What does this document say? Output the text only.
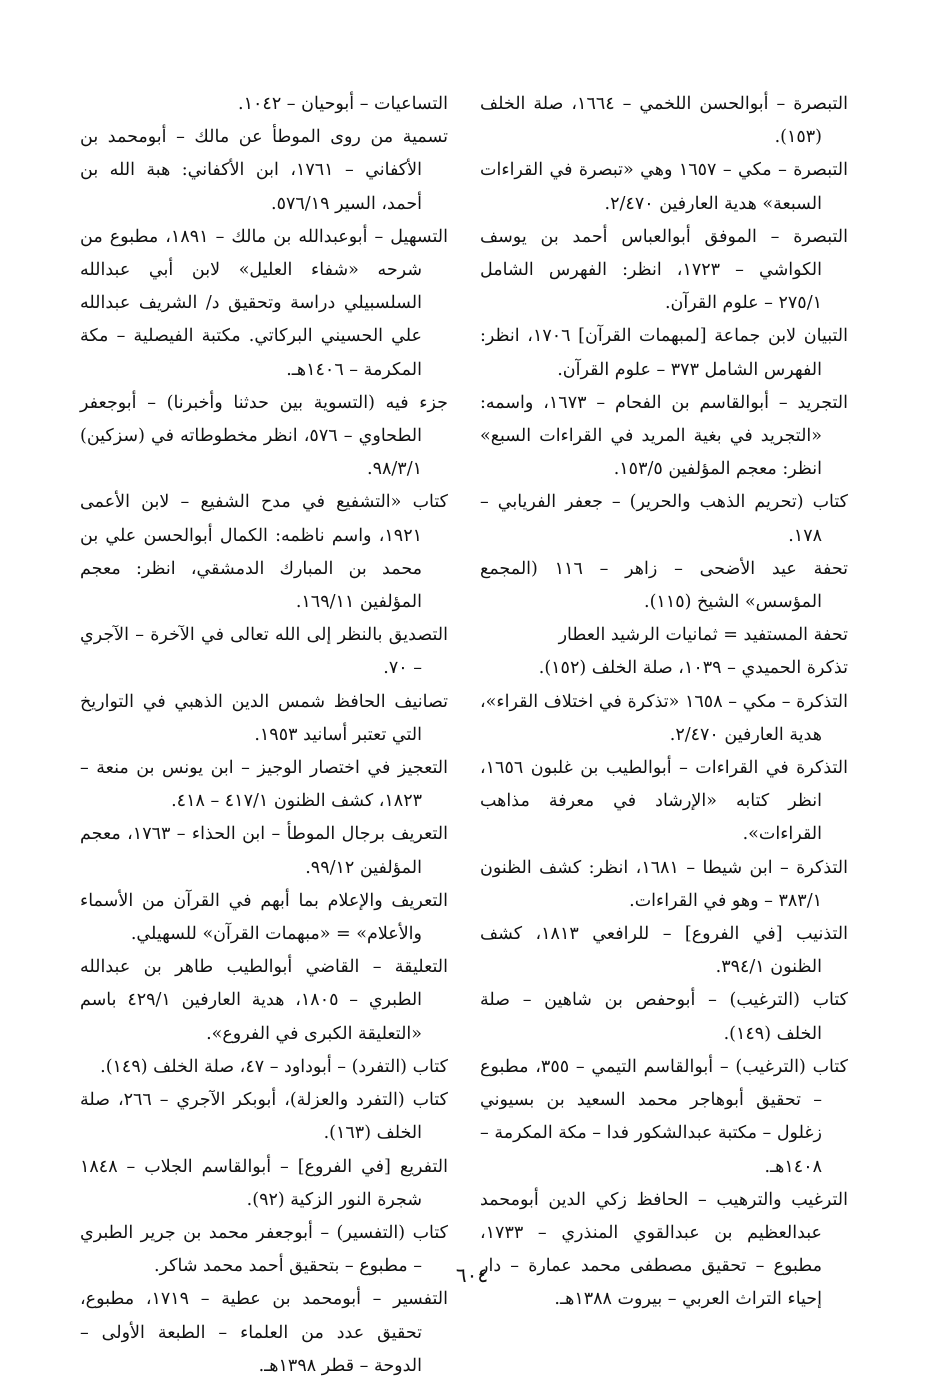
التبصرة – أبوالحسن اللخمي – ١٦٦٤، صلة الخلف (١٥٣).

التبصرة – مكي – ١٦٥٧ وهي «تبصرة في القراءات السبعة» هدية العارفين ٢/٤٧٠.

التبصرة – الموفق أبوالعباس أحمد بن يوسف الكواشي – ١٧٢٣، انظر: الفهرس الشامل ٢٧٥/١ – علوم القرآن.

التبيان لابن جماعة [لمبهمات القرآن] ١٧٠٦، انظر: الفهرس الشامل ٣٧٣ – علوم القرآن.

التجريد – أبوالقاسم بن الفحام – ١٦٧٣، واسمه: «التجريد في بغية المريد في القراءات السبع» انظر: معجم المؤلفين ١٥٣/٥.

كتاب (تحريم الذهب والحرير) – جعفر الفريابي – ١٧٨.

تحفة عيد الأضحى – زاهر – ١١٦ (المجمع المؤسس» الشيخ (١١٥).

تحفة المستفيد = ثمانيات الرشيد العطار

تذكرة الحميدي – ١٠٣٩، صلة الخلف (١٥٢).

التذكرة – مكي – ١٦٥٨ «تذكرة في اختلاف القراء»، هدية العارفين ٢/٤٧٠.

التذكرة في القراءات – أبوالطيب بن غلبون ١٦٥٦، انظر كتابه «الإرشاد في معرفة مذاهب القراءات».

التذكرة – ابن شيطا – ١٦٨١، انظر: كشف الظنون ٣٨٣/١ – وهو في القراءات.

التذنيب [في الفروع] – للرافعي ١٨١٣، كشف الظنون ٣٩٤/١.

كتاب (الترغيب) – أبوحفص بن شاهين – صلة الخلف (١٤٩).

كتاب (الترغيب) – أبوالقاسم التيمي – ٣٥٥، مطبوع – تحقيق أبوهاجر محمد السعيد بن بسيوني زغلول – مكتبة عبدالشكور فدا – مكة المكرمة – ١٤٠٨هـ.

الترغيب والترهيب – الحافظ زكي الدين أبومحمد عبدالعظيم بن عبدالقوي المنذري – ١٧٣٣، مطبوع – تحقيق مصطفى محمد عمارة – دار إحياء التراث العربي – بيروت ١٣٨٨هـ.

التساعيات – أبوحيان – ١٠٤٢.

تسمية من روى الموطأ عن مالك – أبومحمد بن الأكفاني – ١٧٦١، ابن الأكفاني: هبة الله بن أحمد، السير ٥٧٦/١٩.

التسهيل – أبوعبدالله بن مالك – ١٨٩١، مطبوع من شرحه «شفاء العليل» لابن أبي عبدالله السلسبيلي دراسة وتحقيق د/ الشريف عبدالله علي الحسيني البركاتي. مكتبة الفيصلية – مكة المكرمة – ١٤٠٦هـ.

جزء فيه (التسوية بين حدثنا وأخبرنا) – أبوجعفر الطحاوي – ٥٧٦، انظر مخطوطاته في (سزكين) ٩٨/٣/١.

كتاب «التشفيع في مدح الشفيع – لابن الأعمى ١٩٢١، واسم ناظمه: الكمال أبوالحسن علي بن محمد بن المبارك الدمشقي، انظر: معجم المؤلفين ١٦٩/١١.

التصديق بالنظر إلى الله تعالى في الآخرة – الآجري – ٧٠.

تصانيف الحافظ شمس الدين الذهبي في التواريخ التي تعتبر أسانيد ١٩٥٣.

التعجيز في اختصار الوجيز – ابن يونس بن منعة – ١٨٢٣، كشف الظنون ٤١٧/١ – ٤١٨.

التعريف برجال الموطأ – ابن الحذاء – ١٧٦٣، معجم المؤلفين ٩٩/١٢.

التعريف والإعلام بما أبهم في القرآن من الأسماء والأعلام» = «مبهمات القرآن» للسهيلي.

التعليقة – القاضي أبوالطيب طاهر بن عبدالله الطبري – ١٨٠٥، هدية العارفين ٤٢٩/١ باسم «التعليقة الكبرى في الفروع».

كتاب (التفرد) – أبوداود – ٤٧، صلة الخلف (١٤٩).

كتاب (التفرد والعزلة)، أبوبكر الآجري – ٢٦٦، صلة الخلف (١٦٣).

التفريع [في الفروع] – أبوالقاسم الجلاب – ١٨٤٨ شجرة النور الزكية (٩٢).

كتاب (التفسير) – أبوجعفر محمد بن جرير الطبري – مطبوع – بتحقيق أحمد محمد شاكر.

التفسير – أبومحمد بن عطية – ١٧١٩، مطبوع، تحقيق عدد من العلماء – الطبعة الأولى – الدوحة – قطر ١٣٩٨هـ.

٦٠٤
